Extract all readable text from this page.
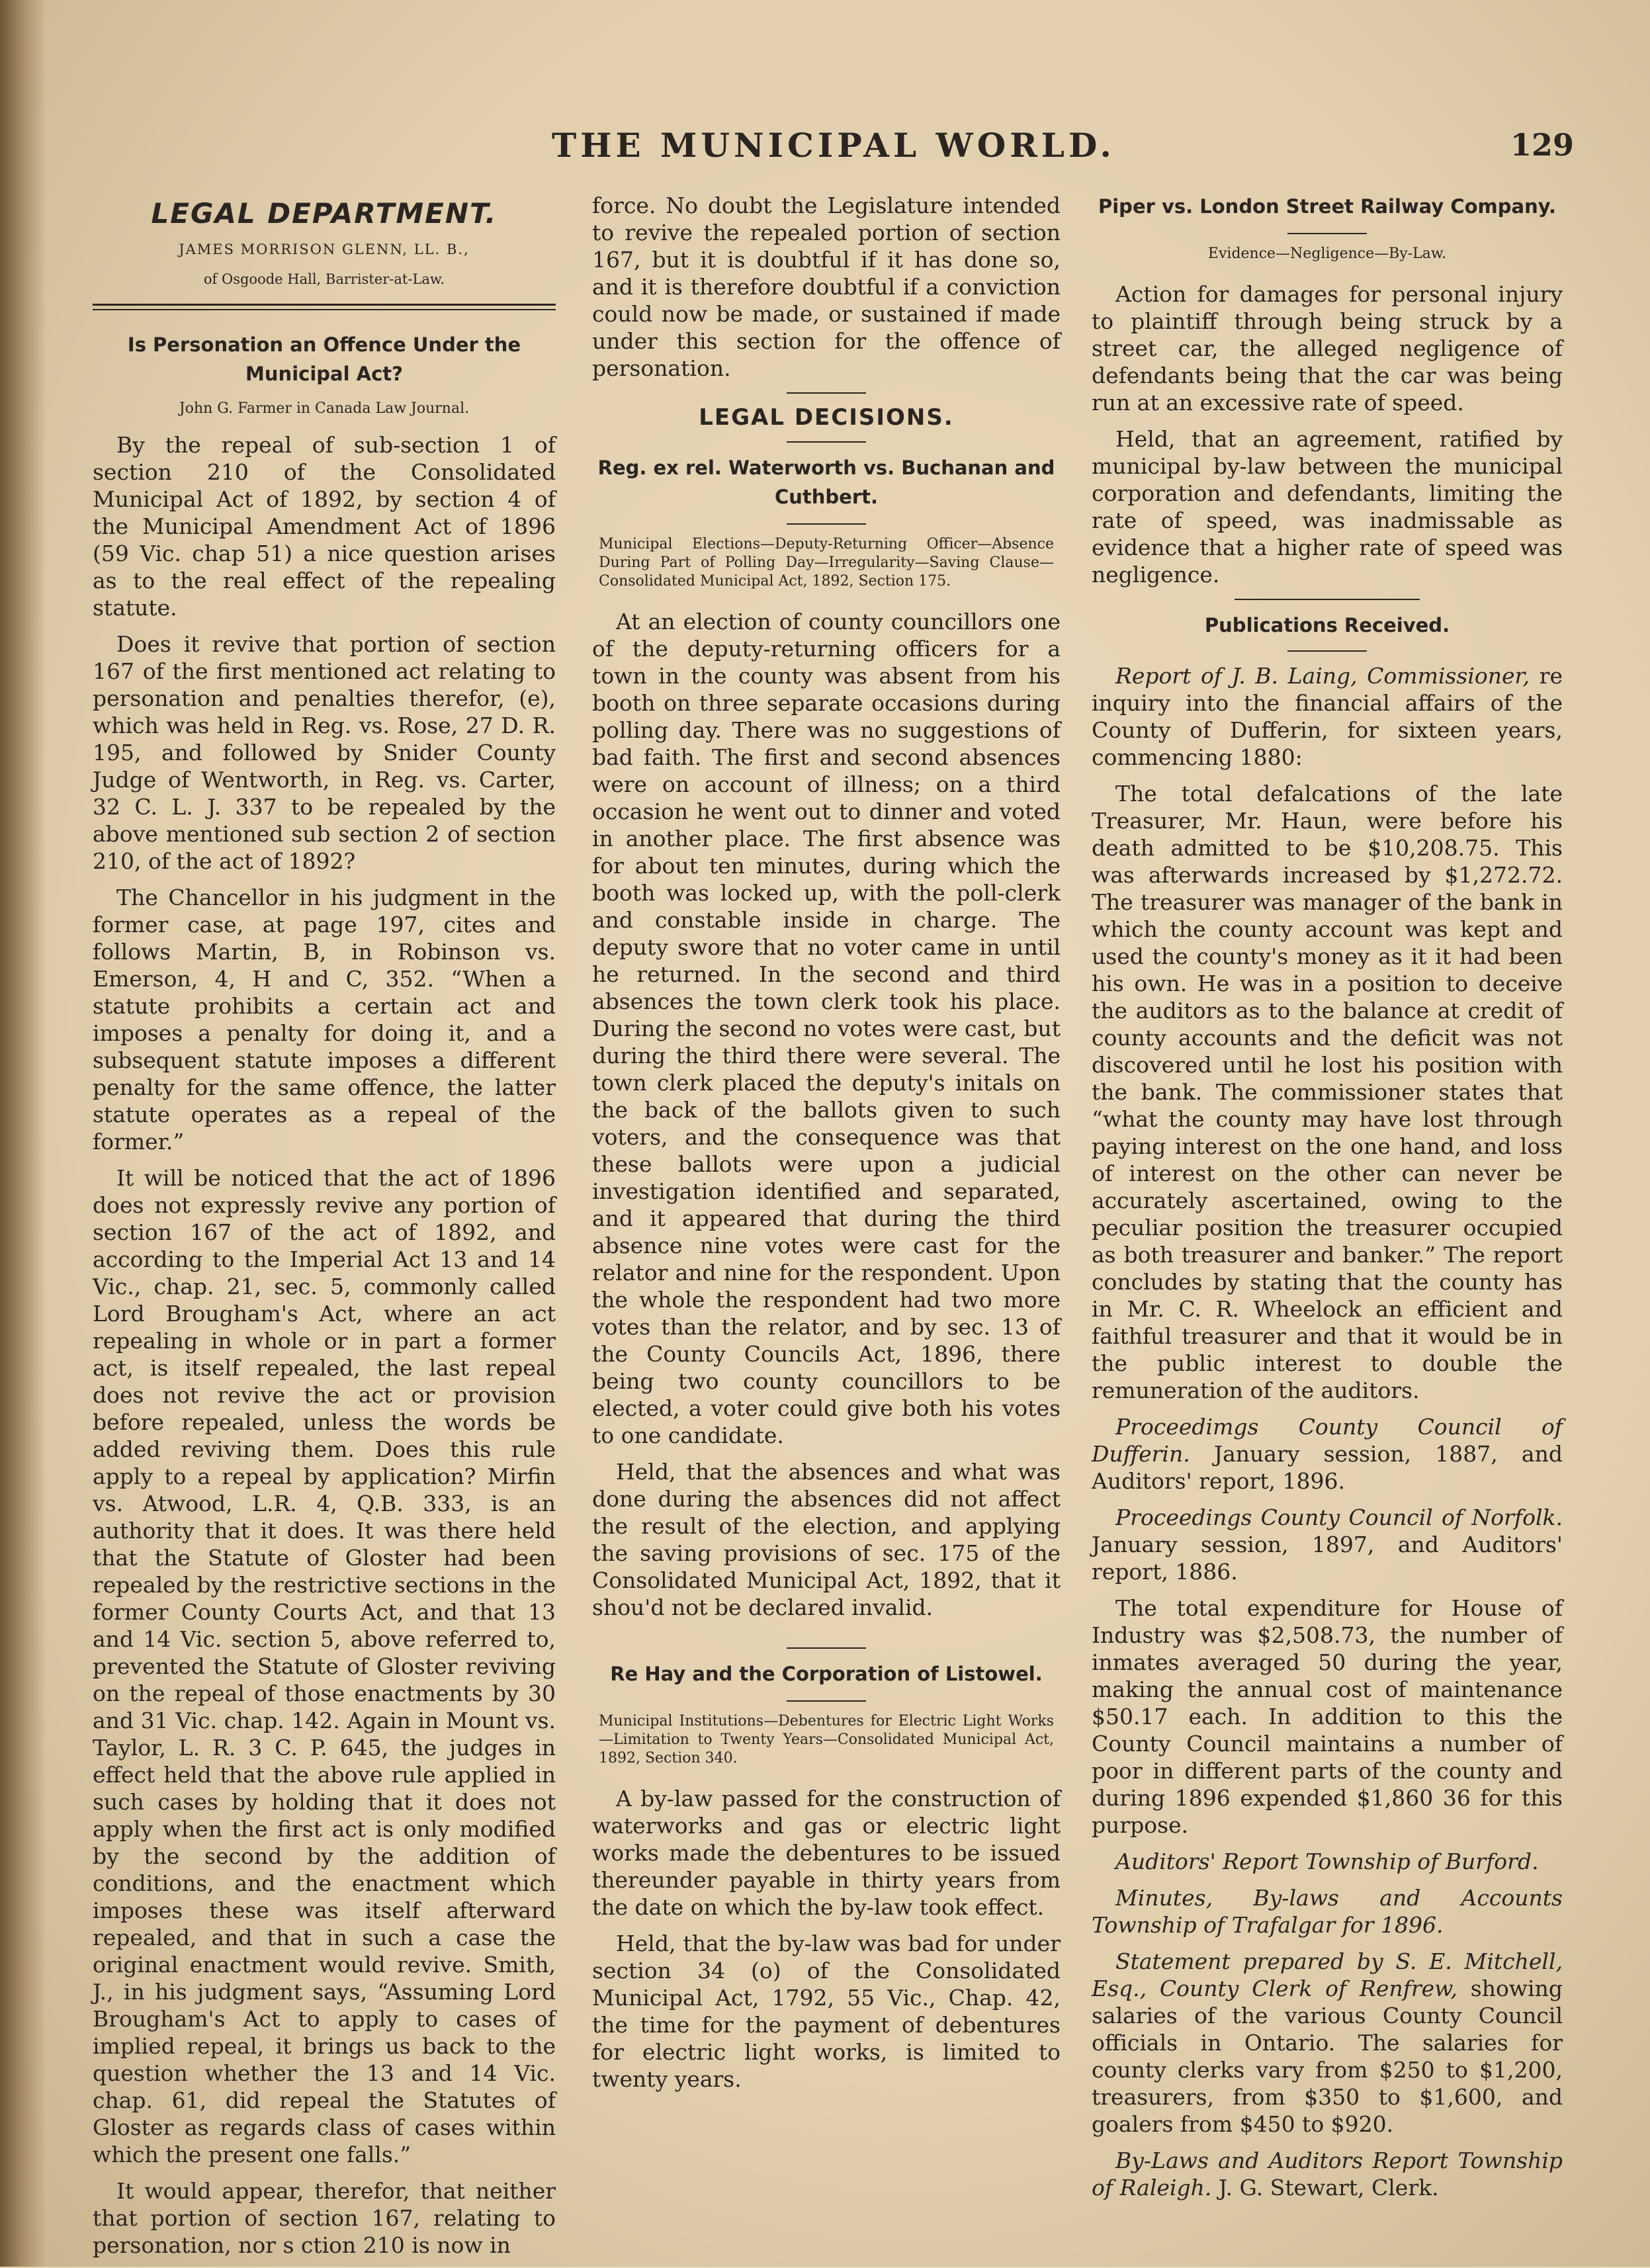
THE MUNICIPAL WORLD.	129
LEGAL DEPARTMENT.

JAMES MORRISON GLENN, LL. B.,

of Osgoode Hall, Barrister-at-Law.

Is Personation an Offence Under the Municipal Act?
John G. Farmer in Canada Law Journal.

By the repeal of sub-section 1 of section 210 of the Consolidated Municipal Act of 1892, by section 4 of the Municipal Amendment Act of 1896 (59 Vic. chap 51) a nice question arises as to the real effect of the repealing statute.

Does it revive that portion of section 167 of the first mentioned act relating to personation and penalties therefor, (e), which was held in Reg. vs. Rose, 27 D. R. 195, and followed by Snider County Judge of Wentworth, in Reg. vs. Carter, 32 C. L. J. 337 to be repealed by the above mentioned sub section 2 of section 210, of the act of 1892?

The Chancellor in his judgment in the former case, at page 197, cites and follows Martin, B, in Robinson vs. Emerson, 4, H and C, 352. “When a statute prohibits a certain act and imposes a penalty for doing it, and a subsequent statute imposes a different penalty for the same offence, the latter statute operates as a repeal of the former.”

It will be noticed that the act of 1896 does not expressly revive any portion of section 167 of the act of 1892, and according to the Imperial Act 13 and 14 Vic., chap. 21, sec. 5, commonly called Lord Brougham's Act, where an act repealing in whole or in part a former act, is itself repealed, the last repeal does not revive the act or provision before repealed, unless the words be added reviving them. Does this rule apply to a repeal by application? Mirfin vs. Atwood, L.R. 4, Q.B. 333, is an authority that it does. It was there held that the Statute of Gloster had been repealed by the restrictive sections in the former County Courts Act, and that 13 and 14 Vic. section 5, above referred to, prevented the Statute of Gloster reviving on the repeal of those enactments by 30 and 31 Vic. chap. 142. Again in Mount vs. Taylor, L. R. 3 C. P. 645, the judges in effect held that the above rule applied in such cases by holding that it does not apply when the first act is only modified by the second by the addition of conditions, and the enactment which imposes these was itself afterward repealed, and that in such a case the original enactment would revive. Smith, J., in his judgment says, “Assuming Lord Brougham's Act to apply to cases of implied repeal, it brings us back to the question whether the 13 and 14 Vic. chap. 61, did repeal the Statutes of Gloster as regards class of cases within which the present one falls.”

It would appear, therefor, that neither that portion of section 167, relating to personation, nor s ction 210 is now in

force. No doubt the Legislature intended to revive the repealed portion of section 167, but it is doubtful if it has done so, and it is therefore doubtful if a conviction could now be made, or sustained if made under this section for the offence of personation.

LEGAL DECISIONS.
Reg. ex rel. Waterworth vs. Buchanan and Cuthbert.

Municipal Elections—Deputy-Returning Officer—Absence During Part of Polling Day—Irregularity—Saving Clause—Consolidated Municipal Act, 1892, Section 175.

At an election of county councillors one of the deputy-returning officers for a town in the county was absent from his booth on three separate occasions during polling day. There was no suggestions of bad faith. The first and second absences were on account of illness; on a third occasion he went out to dinner and voted in another place. The first absence was for about ten minutes, during which the booth was locked up, with the poll-clerk and constable inside in charge. The deputy swore that no voter came in until he returned. In the second and third absences the town clerk took his place. During the second no votes were cast, but during the third there were several. The town clerk placed the deputy's initals on the back of the ballots given to such voters, and the consequence was that these ballots were upon a judicial investigation identified and separated, and it appeared that during the third absence nine votes were cast for the relator and nine for the respondent. Upon the whole the respondent had two more votes than the relator, and by sec. 13 of the County Councils Act, 1896, there being two county councillors to be elected, a voter could give both his votes to one candidate.

Held, that the absences and what was done during the absences did not affect the result of the election, and applying the saving provisions of sec. 175 of the Consolidated Municipal Act, 1892, that it shou'd not be declared invalid.

Re Hay and the Corporation of Listowel.

Municipal Institutions—Debentures for Electric Light Works—Limitation to Twenty Years—Consolidated Municipal Act, 1892, Section 340.

A by-law passed for the construction of waterworks and gas or electric light works made the debentures to be issued thereunder payable in thirty years from the date on which the by-law took effect.

Held, that the by-law was bad for under section 34 (o) of the Consolidated Municipal Act, 1792, 55 Vic., Chap. 42, the time for the payment of debentures for electric light works, is limited to twenty years.

Piper vs. London Street Railway Company.

Evidence—Negligence—By-Law.

Action for damages for personal injury to plaintiff through being struck by a street car, the alleged negligence of defendants being that the car was being run at an excessive rate of speed.

Held, that an agreement, ratified by municipal by-law between the municipal corporation and defendants, limiting the rate of speed, was inadmissable as evidence that a higher rate of speed was negligence.

Publications Received.

Report of J. B. Laing, Commissioner, re inquiry into the financial affairs of the County of Dufferin, for sixteen years, commencing 1880:

The total defalcations of the late Treasurer, Mr. Haun, were before his death admitted to be $10,208.75. This was afterwards increased by $1,272.72. The treasurer was manager of the bank in which the county account was kept and used the county's money as it it had been his own. He was in a position to deceive the auditors as to the balance at credit of county accounts and the deficit was not discovered until he lost his position with the bank. The commissioner states that “what the county may have lost through paying interest on the one hand, and loss of interest on the other can never be accurately ascertained, owing to the peculiar position the treasurer occupied as both treasurer and banker.” The report concludes by stating that the county has in Mr. C. R. Wheelock an efficient and faithful treasurer and that it would be in the public interest to double the remuneration of the auditors.

Proceedimgs County Council of Dufferin. January session, 1887, and Auditors' report, 1896.

Proceedings County Council of Norfolk. January session, 1897, and Auditors' report, 1886.

The total expenditure for House of Industry was $2,508.73, the number of inmates averaged 50 during the year, making the annual cost of maintenance $50.17 each. In addition to this the County Council maintains a number of poor in different parts of the county and during 1896 expended $1,860 36 for this purpose.

Auditors' Report Township of Burford.

Minutes, By-laws and Accounts Township of Trafalgar for 1896.

Statement prepared by S. E. Mitchell, Esq., County Clerk of Renfrew, showing salaries of the various County Council officials in Ontario. The salaries for county clerks vary from $250 to $1,200, treasurers, from $350 to $1,600, and goalers from $450 to $920.

By-Laws and Auditors Report Township of Raleigh. J. G. Stewart, Clerk.
